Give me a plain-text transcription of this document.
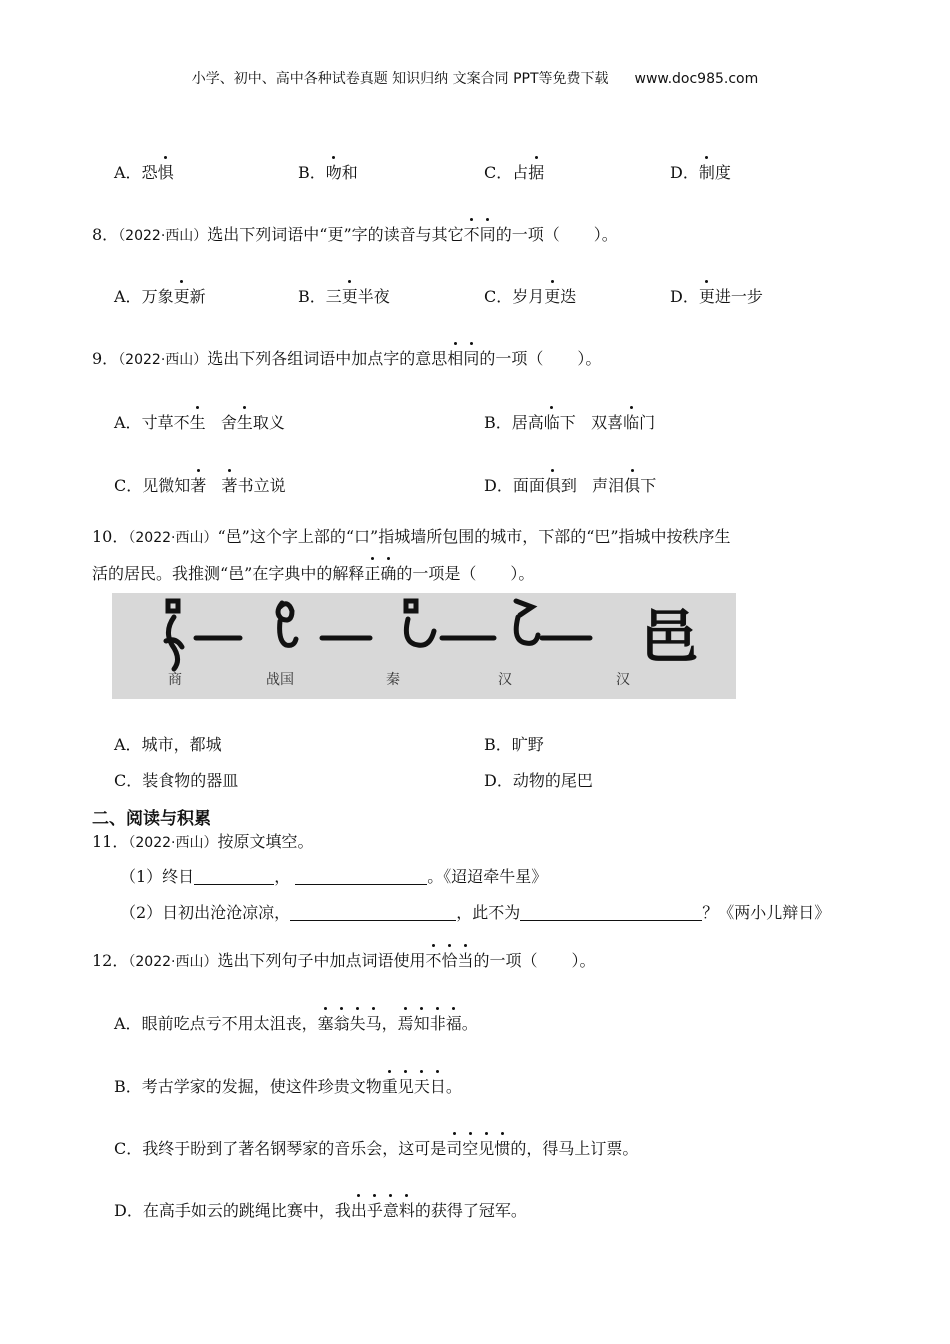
小学、初中、高中各种试卷真题 知识归纳 文案合同 PPT等免费下载 www.doc985.com
A．恐惧	B．吻和	C．占据	D．制度
8．（2022·西山）选出下列词语中“更”字的读音与其它不同的一项（ ）。
A．万象更新	B．三更半夜	C．岁月更迭	D．更进一步
9．（2022·西山）选出下列各组词语中加点字的意思相同的一项（ ）。
A．寸草不生 舍生取义	B．居高临下 双喜临门
C．见微知著 著书立说	D．面面俱到 声泪俱下
10．（2022·西山）“邑”这个字上部的“口”指城墙所包围的城市，下部的“巴”指城中按秩序生
活的居民。我推测“邑”在字典中的解释正确的一项是（ ）。
邑
商	战国	秦	汉	汉
A．城市，都城	B．旷野
C．装食物的器皿	D．动物的尾巴
二、阅读与积累
11．（2022·西山）按原文填空。
（1）终日	，	。《迢迢牵牛星》
（2）日初出沧沧凉凉，	，此不为	？《两小儿辩日》
12．（2022·西山）选出下列句子中加点词语使用不恰当的一项（ ）。
A．眼前吃点亏不用太沮丧，塞翁失马，焉知非福。
B．考古学家的发掘，使这件珍贵文物重见天日。
C．我终于盼到了著名钢琴家的音乐会，这可是司空见惯的，得马上订票。
D．在高手如云的跳绳比赛中，我出乎意料的获得了冠军。
